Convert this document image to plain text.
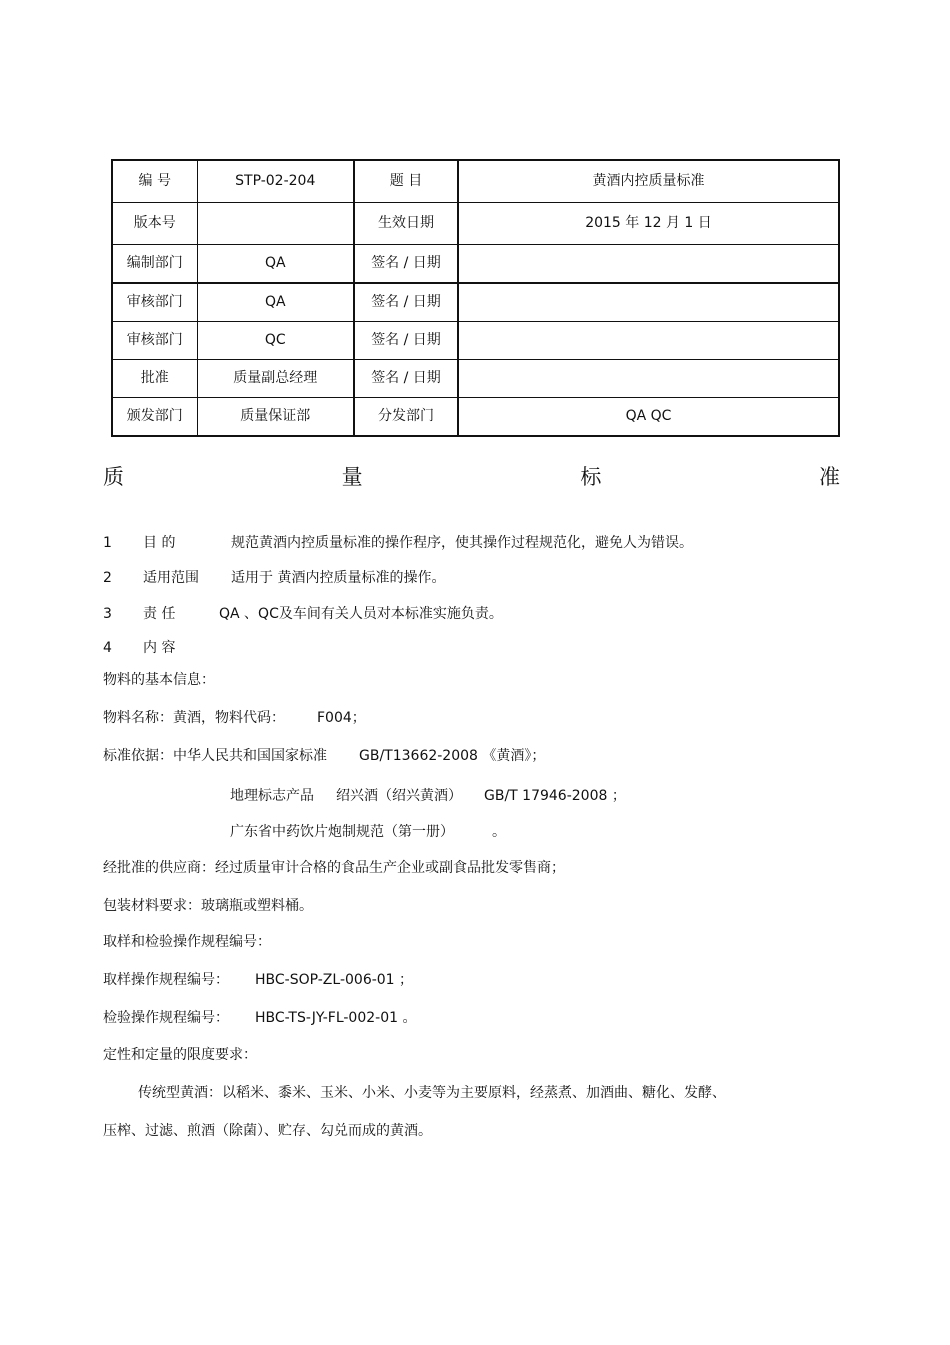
编 号	STP-02-204	题 目	黄酒内控质量标准
版本号		生效日期	2015 年 12 月 1 日
编制部门	QA	签名 / 日期	
审核部门	QA	签名 / 日期	
审核部门	QC	签名 / 日期	
批准	质量副总经理	签名 / 日期	
颁发部门	质量保证部	分发部门	QA QC
质	量	标	准
1 目 的	规范黄酒内控质量标准的操作程序，使其操作过程规范化，避免人为错误。
2 适用范围 适用于 黄酒内控质量标准的操作。
3 责 任	QA 、QC及车间有关人员对本标准实施负责。
4 内 容
物料的基本信息：
物料名称：黄酒，物料代码： F004；
标准依据：中华人民共和国国家标准 GB/T13662-2008 《黄酒》；
地理标志产品 绍兴酒（绍兴黄酒） GB/T 17946-2008 ；
广东省中药饮片炮制规范（第一册）	。
经批准的供应商：经过质量审计合格的食品生产企业或副食品批发零售商；
包装材料要求：玻璃瓶或塑料桶。
取样和检验操作规程编号：
取样操作规程编号： HBC-SOP-ZL-006-01 ；
检验操作规程编号： HBC-TS-JY-FL-002-01 。
定性和定量的限度要求：
传统型黄酒：以稻米、黍米、玉米、小米、小麦等为主要原料，经蒸煮、加酒曲、糖化、发酵、
压榨、过滤、煎酒（除菌）、贮存、勾兑而成的黄酒。
